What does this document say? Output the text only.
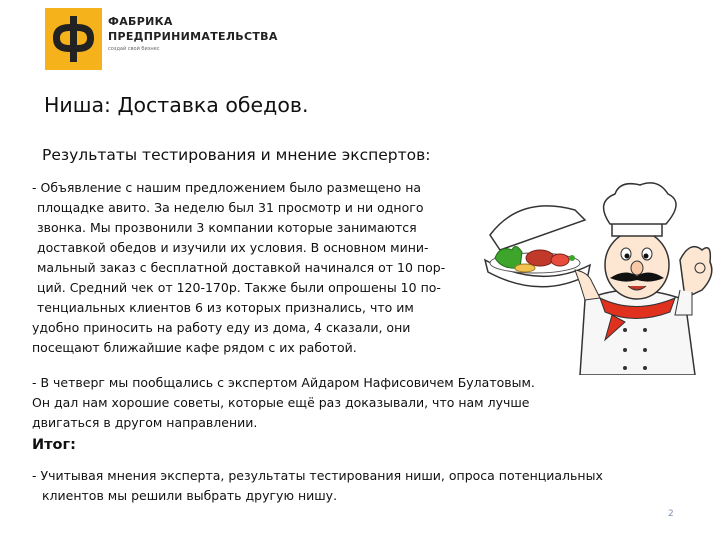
ФАБРИКА
ПРЕДПРИНИМАТЕЛЬСТВА
создай свой бизнес
Ниша: Доставка обедов.
Результаты тестирования и мнение экспертов:

- Объявление с нашим предложением было размещено на
площадке авито. За неделю был 31 просмотр и ни одного
звонка. Мы прозвонили 3 компании которые занимаются
доставкой обедов и изучили их условия. В основном мини-
мальный заказ с бесплатной доставкой начинался от 10 пор-
ций. Средний чек от 120-170р. Также были опрошены 10 по-
тенциальных клиентов 6 из которых признались, что им
удобно приносить на работу еду из дома, 4 сказали, они
посещают ближайшие кафе рядом с их работой.

- В четверг мы пообщались с экспертом Айдаром Нафисовичем Булатовым.
Он дал нам хорошие советы, которые ещё раз доказывали, что нам лучше
двигаться в другом направлении.

Итог:

- Учитывая мнения эксперта, результаты тестирования ниши, опроса потенциальных
клиентов мы решили выбрать другую нишу.

2
